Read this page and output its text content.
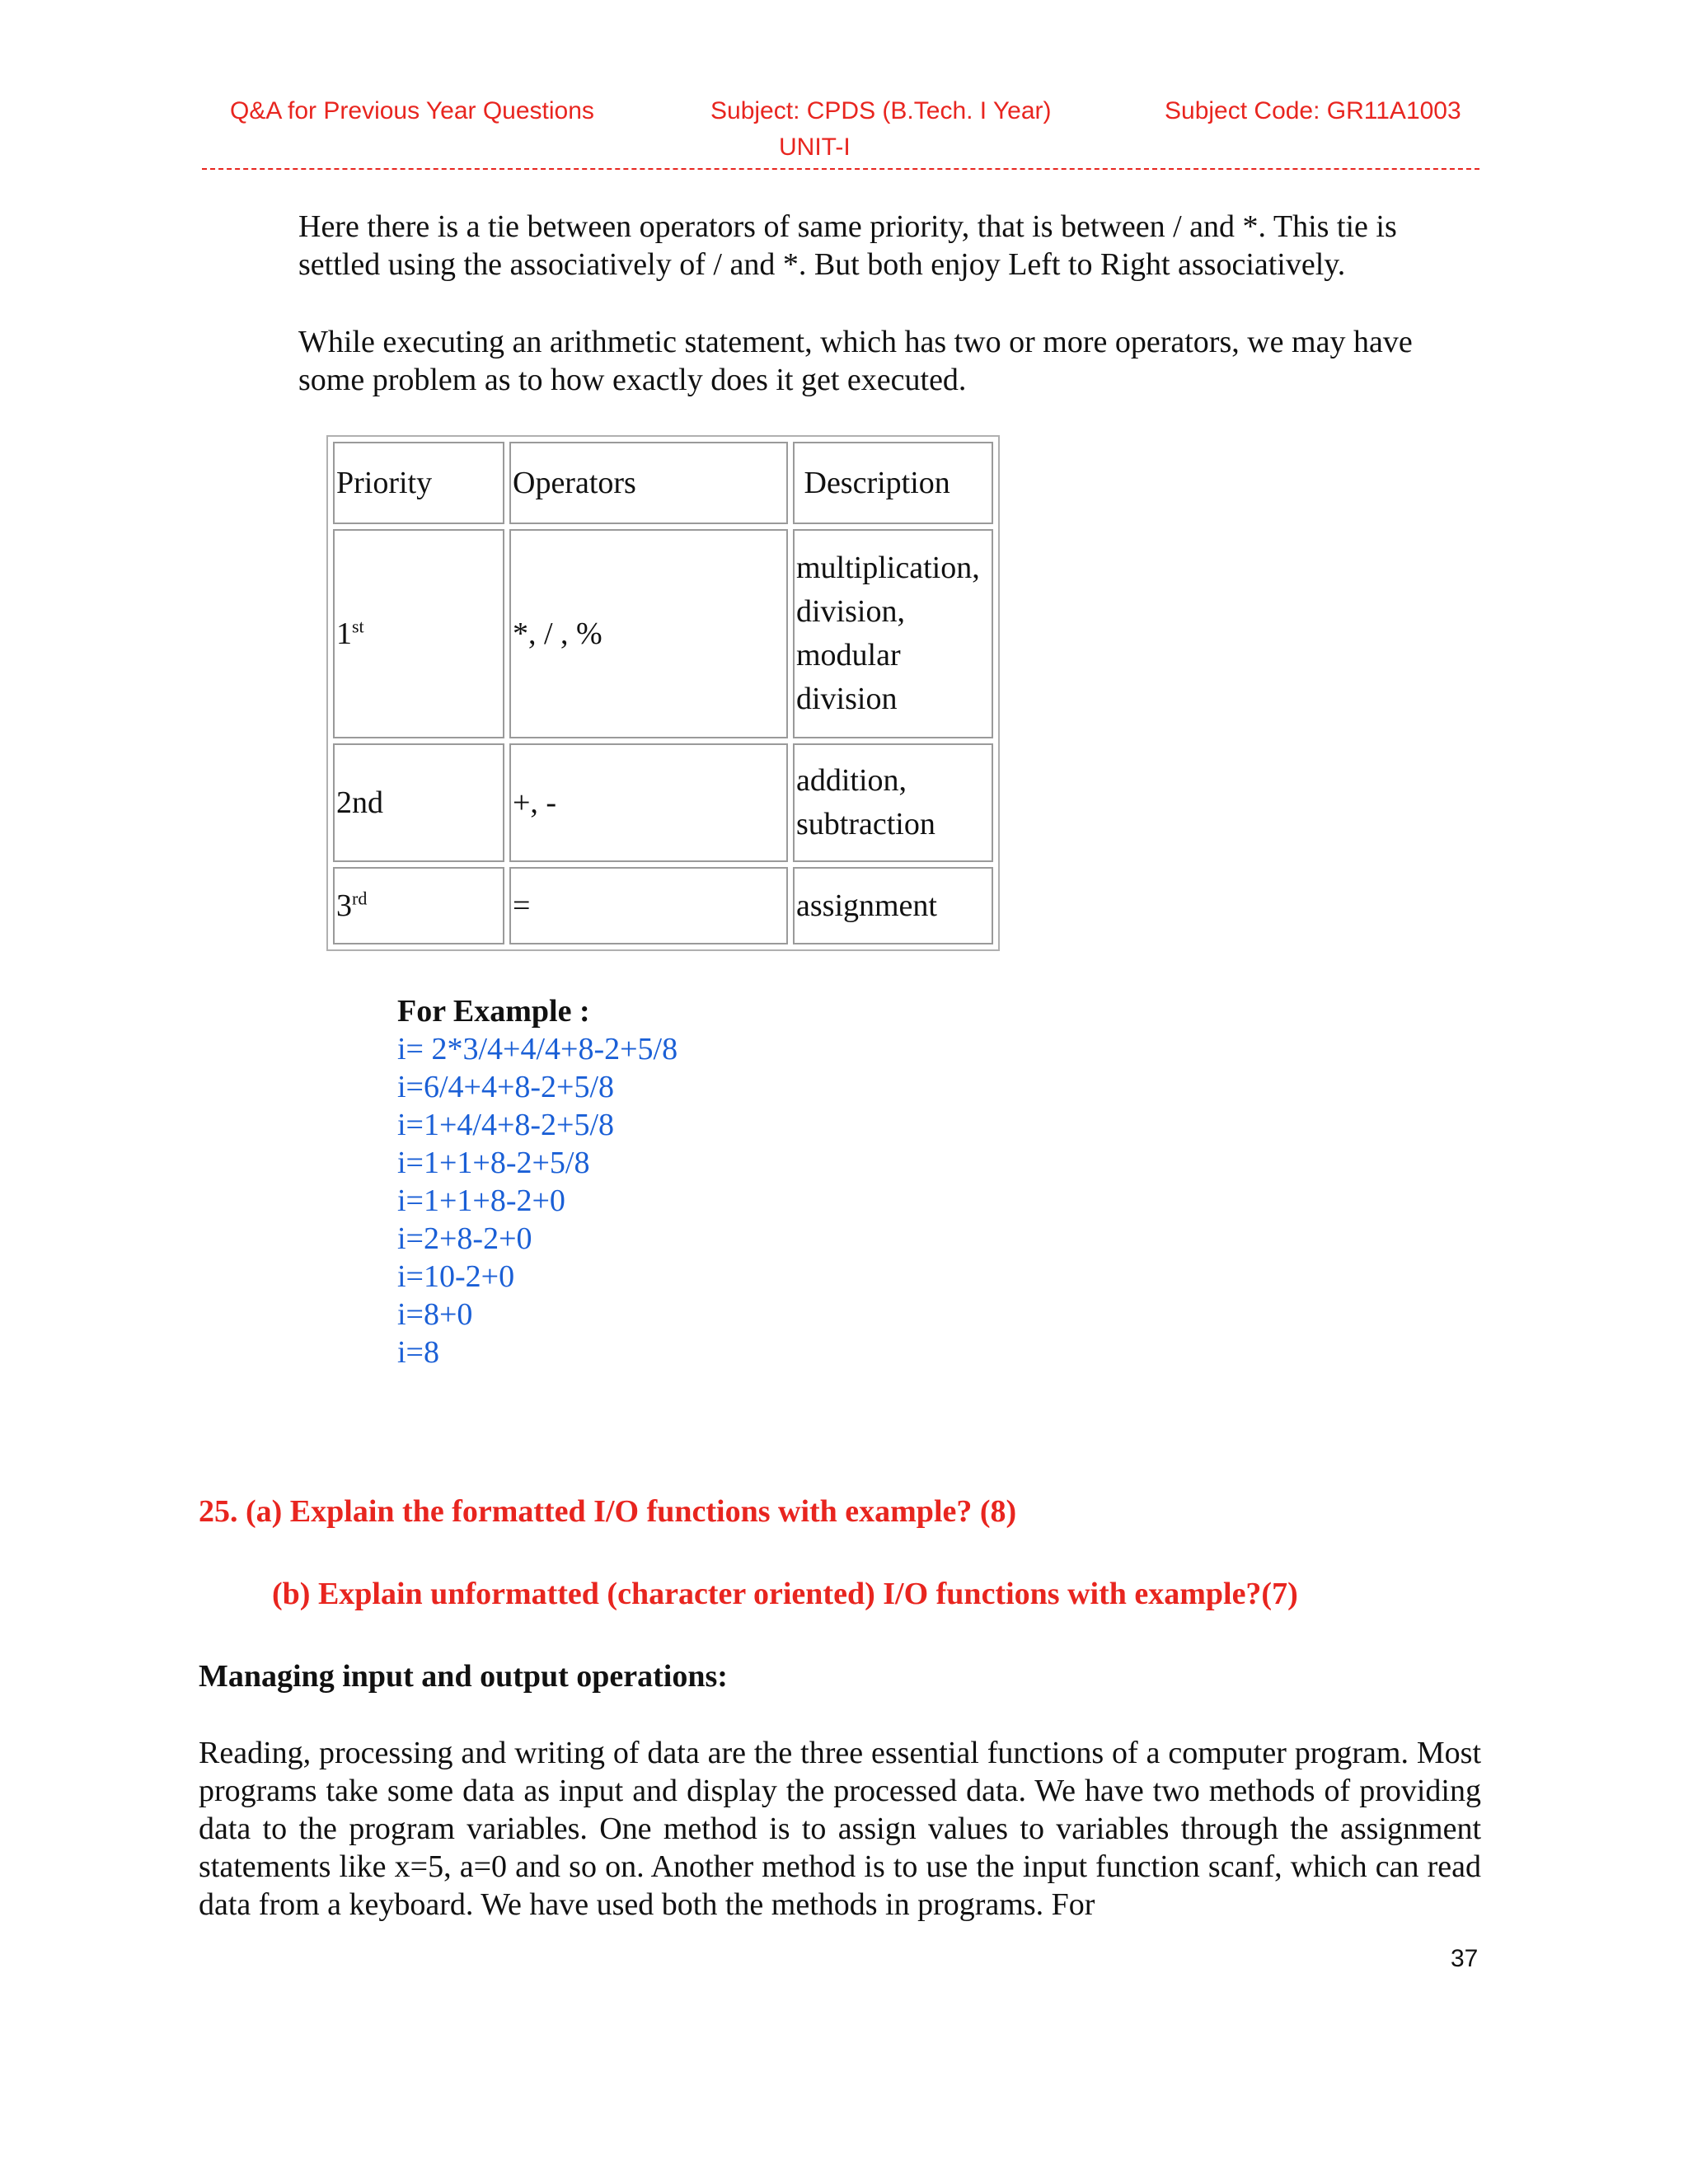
Q&A for Previous Year Questions	Subject: CPDS (B.Tech. I Year)
UNIT-I
Subject Code: GR11A1003

Here there is a tie between operators of same priority, that is between / and *. This tie is settled using the associatively of / and *. But both enjoy Left to Right associatively.

While executing an arithmetic statement, which has two or more operators, we may have some problem as to how exactly does it get executed.

Priority	Operators	Description
1st	*, / , %	multiplication,
division,
modular
division

2nd	+, -	addition,
subtraction

3rd	=	assignment
For Example :
i= 2*3/4+4/4+8-2+5/8
i=6/4+4+8-2+5/8
i=1+4/4+8-2+5/8
i=1+1+8-2+5/8
i=1+1+8-2+0
i=2+8-2+0
i=10-2+0
i=8+0
i=8
25. (a) Explain the formatted I/O functions with example? (8)
(b) Explain unformatted (character oriented) I/O functions with example?(7)
Managing input and output operations:

Reading, processing and writing of data are the three essential functions of a computer program. Most programs take some data as input and display the processed data. We have two methods of providing data to the program variables. One method is to assign values to variables through the assignment statements like x=5, a=0 and so on. Another method is to use the input function scanf, which can read data from a keyboard. We have used both the methods in programs. For

37
